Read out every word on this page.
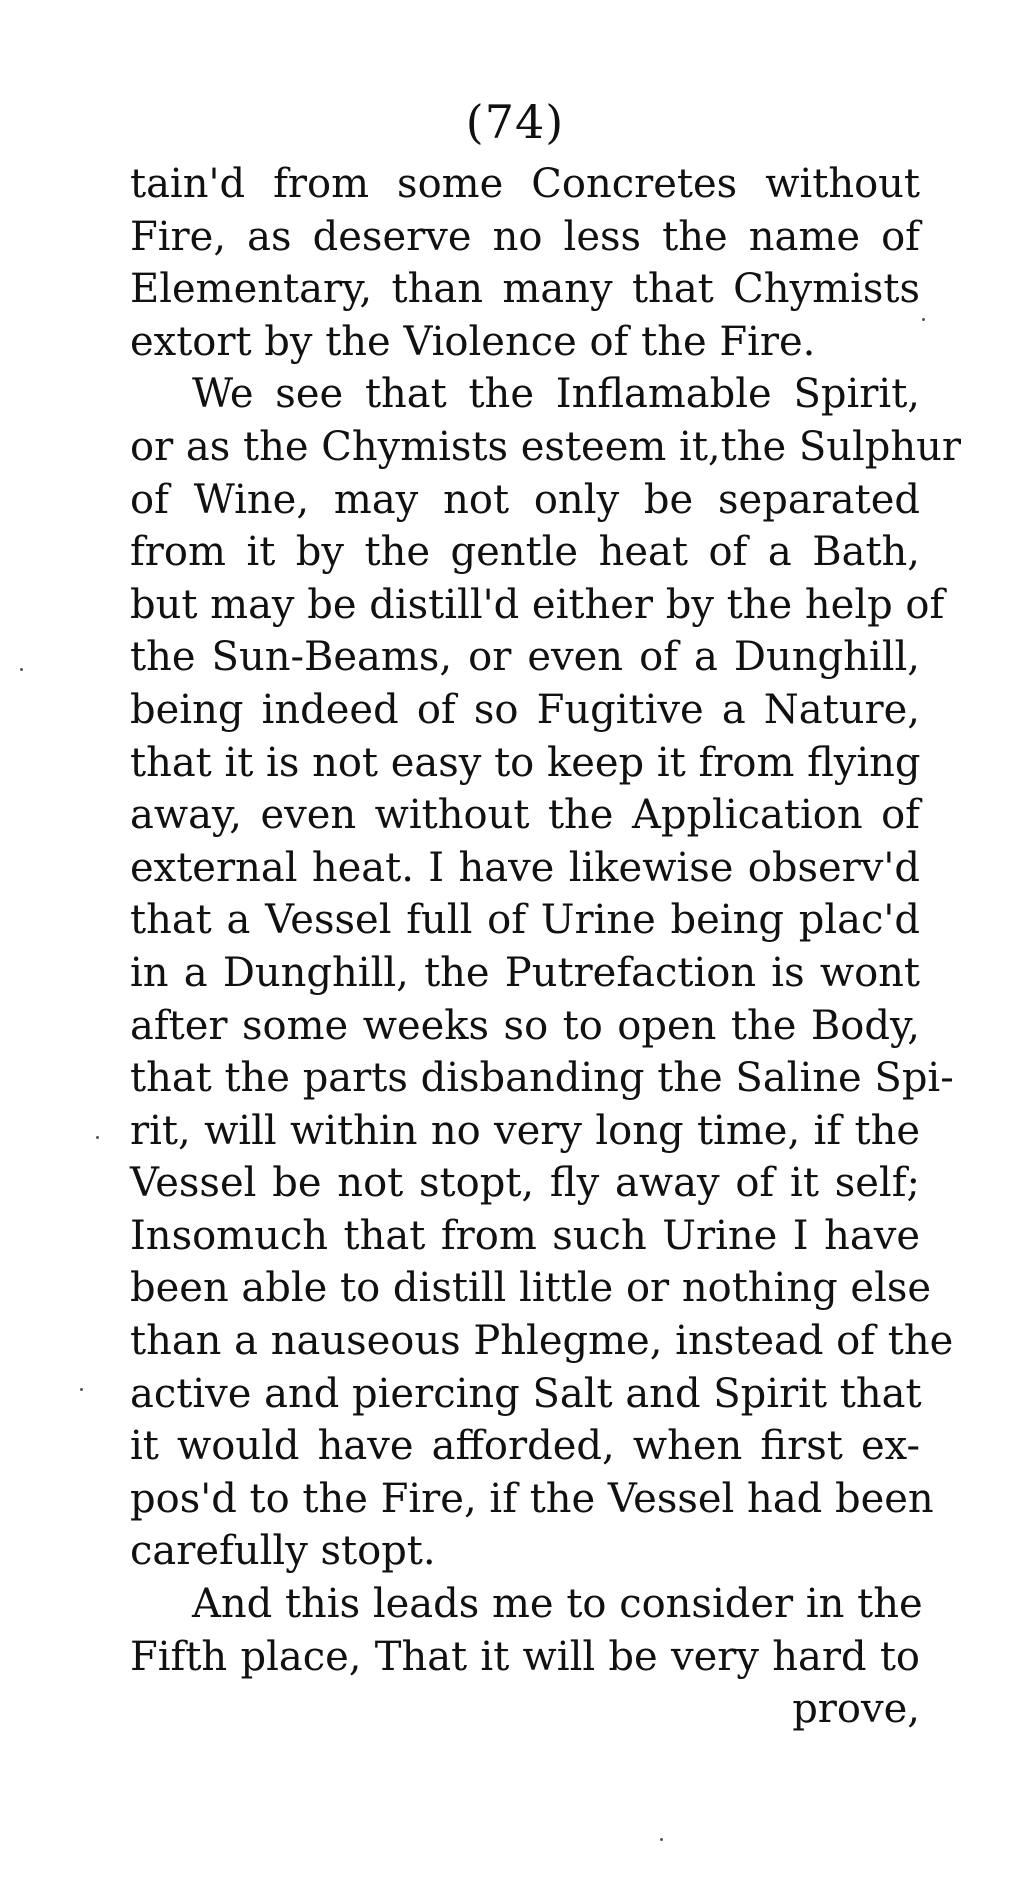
(74)
tain'd from some Concretes without
Fire, as deserve no less the name of
Elementary, than many that Chymists
extort by the Violence of the Fire.
We see that the Inflamable Spirit,
or as the Chymists esteem it,the Sulphur
of Wine, may not only be separated
from it by the gentle heat of a Bath,
but may be distill'd either by the help of
the Sun-Beams, or even of a Dunghill,
being indeed of so Fugitive a Nature,
that it is not easy to keep it from flying
away, even without the Application of
external heat. I have likewise observ'd
that a Vessel full of Urine being plac'd
in a Dunghill, the Putrefaction is wont
after some weeks so to open the Body,
that the parts disbanding the Saline Spi-
rit, will within no very long time, if the
Vessel be not stopt, fly away of it self;
Insomuch that from such Urine I have
been able to distill little or nothing else
than a nauseous Phlegme, instead of the
active and piercing Salt and Spirit that
it would have afforded, when first ex-
pos'd to the Fire, if the Vessel had been
carefully stopt.
And this leads me to consider in the
Fifth place, That it will be very hard to
prove,
